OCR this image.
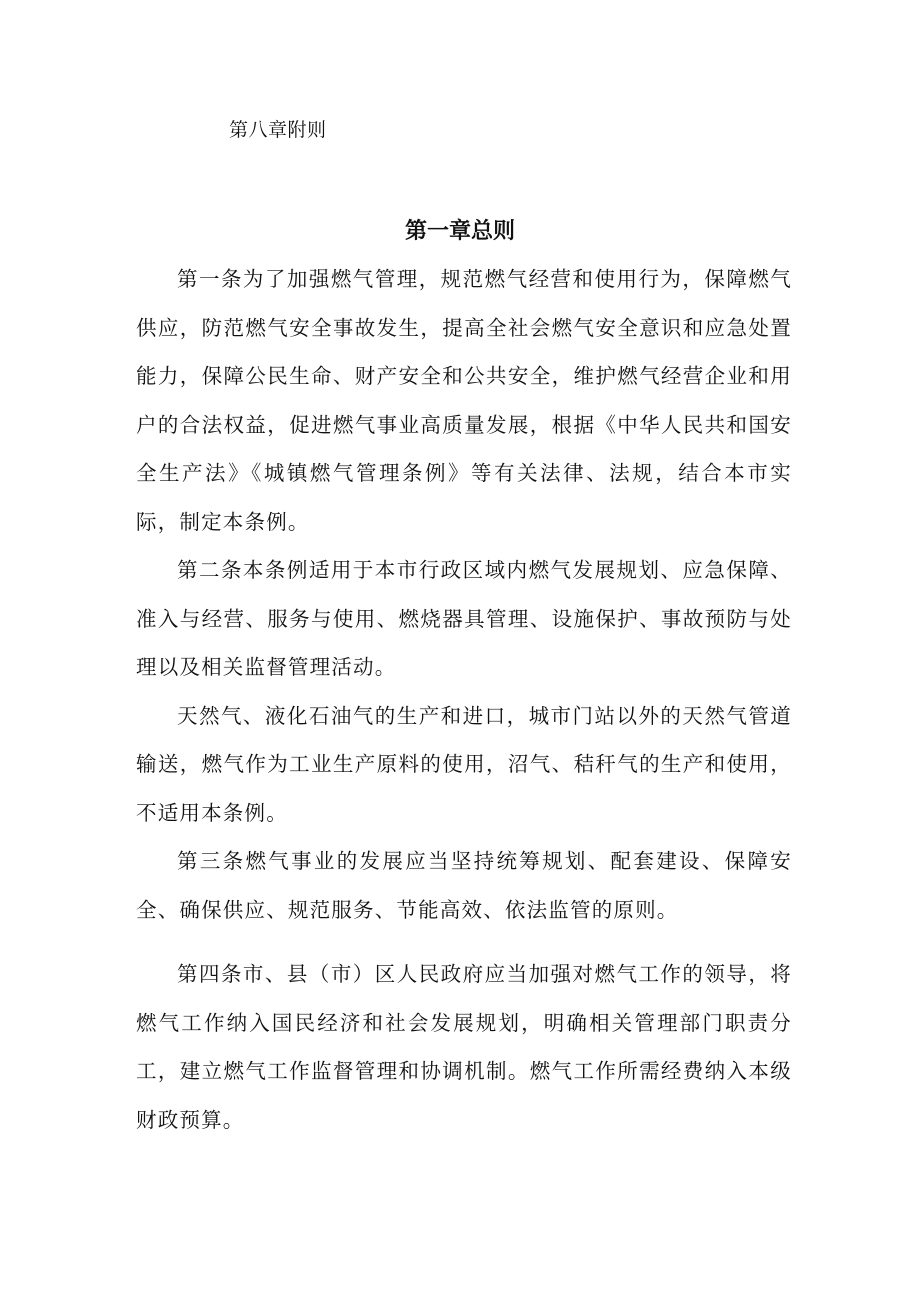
第八章附则
第一章总则

第一条为了加强燃气管理，规范燃气经营和使用行为，保障燃气供应，防范燃气安全事故发生，提高全社会燃气安全意识和应急处置能力，保障公民生命、财产安全和公共安全，维护燃气经营企业和用户的合法权益，促进燃气事业高质量发展，根据《中华人民共和国安全生产法》《城镇燃气管理条例》等有关法律、法规，结合本市实际，制定本条例。

第二条本条例适用于本市行政区域内燃气发展规划、应急保障、准入与经营、服务与使用、燃烧器具管理、设施保护、事故预防与处理以及相关监督管理活动。

天然气、液化石油气的生产和进口，城市门站以外的天然气管道输送，燃气作为工业生产原料的使用，沼气、秸秆气的生产和使用，不适用本条例。

第三条燃气事业的发展应当坚持统筹规划、配套建设、保障安全、确保供应、规范服务、节能高效、依法监管的原则。

第四条市、县（市）区人民政府应当加强对燃气工作的领导，将燃气工作纳入国民经济和社会发展规划，明确相关管理部门职责分工，建立燃气工作监督管理和协调机制。燃气工作所需经费纳入本级财政预算。
